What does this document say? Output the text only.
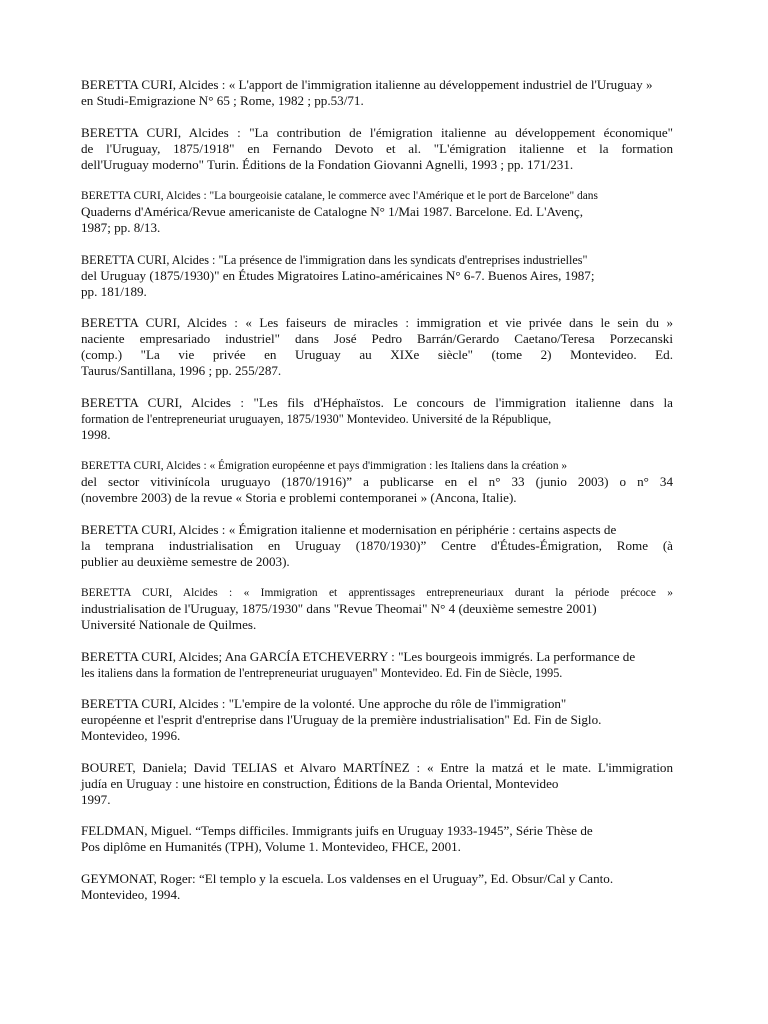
BERETTA CURI, Alcides : « L'apport de l'immigration italienne au développement industriel de l'Uruguay »
en Studi-Emigrazione N° 65 ; Rome, 1982 ; pp.53/71.
BERETTA CURI, Alcides : "La contribution de l'émigration italienne au développement économique"
de l'Uruguay, 1875/1918" en Fernando Devoto et al. "L'émigration italienne et la formation
dell'Uruguay moderno" Turin. Éditions de la Fondation Giovanni Agnelli, 1993 ; pp. 171/231.
BERETTA CURI, Alcides : "La bourgeoisie catalane, le commerce avec l'Amérique et le port de Barcelone" dans
Quaderns d'América/Revue americaniste de Catalogne N° 1/Mai 1987. Barcelone. Ed. L'Avenç,
1987; pp. 8/13.
BERETTA CURI, Alcides : "La présence de l'immigration dans les syndicats d'entreprises industrielles"
del Uruguay (1875/1930)" en Études Migratoires Latino-américaines N° 6-7. Buenos Aires, 1987;
pp. 181/189.
BERETTA CURI, Alcides : « Les faiseurs de miracles : immigration et vie privée dans le sein du »
naciente empresariado industriel" dans José Pedro Barrán/Gerardo Caetano/Teresa Porzecanski
(comp.) "La vie privée en Uruguay au XIXe siècle" (tome 2) Montevideo. Ed.
Taurus/Santillana, 1996 ; pp. 255/287.
BERETTA CURI, Alcides : "Les fils d'Héphaïstos. Le concours de l'immigration italienne dans la
formation de l'entrepreneuriat uruguayen, 1875/1930" Montevideo. Université de la République,
1998.
BERETTA CURI, Alcides : « Émigration européenne et pays d'immigration : les Italiens dans la création »
del sector vitivinícola uruguayo (1870/1916)” a publicarse en el n° 33 (junio 2003) o n° 34
(novembre 2003) de la revue « Storia e problemi contemporanei » (Ancona, Italie).
BERETTA CURI, Alcides : « Émigration italienne et modernisation en périphérie : certains aspects de
la temprana industrialisation en Uruguay (1870/1930)” Centre d'Études-Émigration, Rome (à
publier au deuxième semestre de 2003).
BERETTA CURI, Alcides : « Immigration et apprentissages entrepreneuriaux durant la période précoce »
industrialisation de l'Uruguay, 1875/1930" dans "Revue Theomai" N° 4 (deuxième semestre 2001)
Université Nationale de Quilmes.
BERETTA CURI, Alcides; Ana GARCÍA ETCHEVERRY : "Les bourgeois immigrés. La performance de
les italiens dans la formation de l'entrepreneuriat uruguayen" Montevideo. Ed. Fin de Siècle, 1995.
BERETTA CURI, Alcides : "L'empire de la volonté. Une approche du rôle de l'immigration"
européenne et l'esprit d'entreprise dans l'Uruguay de la première industrialisation" Ed. Fin de Siglo.
Montevideo, 1996.
BOURET, Daniela; David TELIAS et Alvaro MARTÍNEZ : « Entre la matzá et le mate. L'immigration
judía en Uruguay : une histoire en construction, Éditions de la Banda Oriental, Montevideo
1997.
FELDMAN, Miguel. “Temps difficiles. Immigrants juifs en Uruguay 1933-1945”, Série Thèse de
Pos diplôme en Humanités (TPH), Volume 1. Montevideo, FHCE, 2001.
GEYMONAT, Roger: “El templo y la escuela. Los valdenses en el Uruguay”, Ed. Obsur/Cal y Canto.
Montevideo, 1994.
